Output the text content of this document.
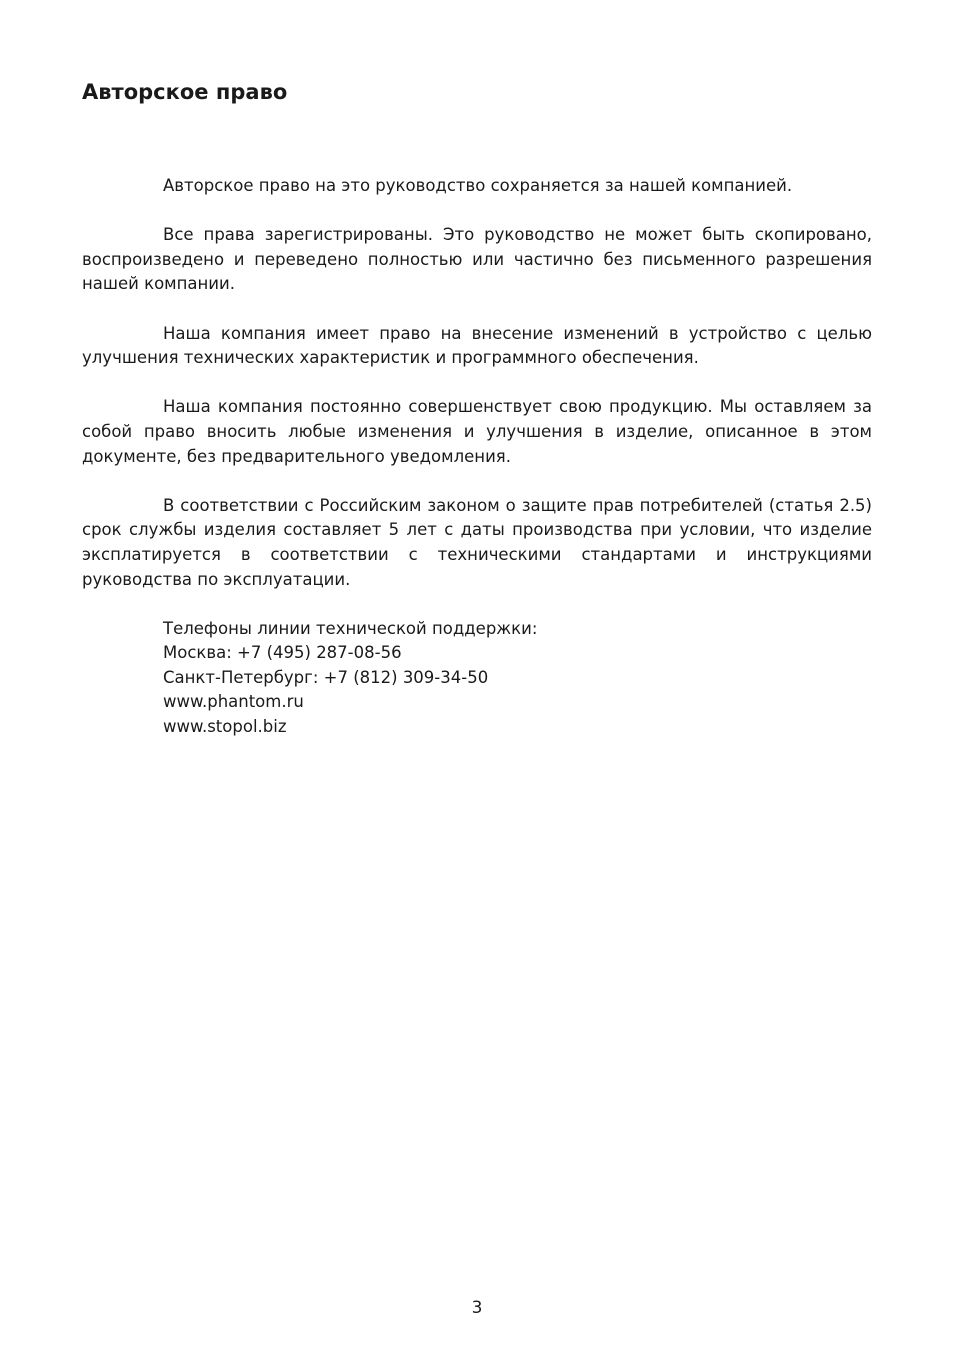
Авторское право

Авторское право на это руководство сохраняется за нашей компанией.

Все права зарегистрированы. Это руководство не может быть скопировано, воспроизведено и переведено полностью или частично без письменного разрешения нашей компании.

Наша компания имеет право на внесение изменений в устройство с целью улучшения технических характеристик и программного обеспечения.

Наша компания постоянно совершенствует свою продукцию. Мы оставляем за собой право вносить любые изменения и улучшения в изделие, описанное в этом документе, без предварительного уведомления.

В соответствии с Российским законом о защите прав потребителей (статья 2.5) срок службы изделия составляет 5 лет с даты производства при условии, что изделие эксплатируется в соответствии с техническими стандартами и инструкциями руководства по эксплуатации.

Телефоны линии технической поддержки:
Москва: +7 (495) 287-08-56
Санкт-Петербург: +7 (812) 309-34-50
www.phantom.ru
www.stopol.biz
3
